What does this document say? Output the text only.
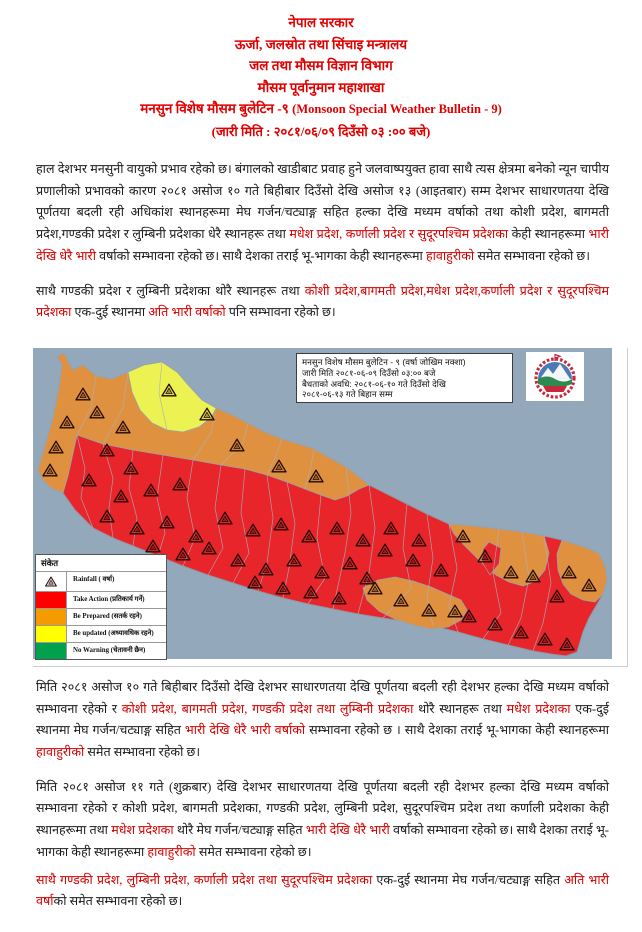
नेपाल सरकार
ऊर्जा, जलस्रोत तथा सिंचाइ मन्त्रालय
जल तथा मौसम विज्ञान विभाग
मौसम पूर्वानुमान महाशाखा
मनसुन विशेष मौसम बुलेटिन -९ (Monsoon Special Weather Bulletin - 9)
(जारी मिति : २०८१/०६/०९ दिउँसो ०३ :०० बजे)

हाल देशभर मनसुनी वायुको प्रभाव रहेको छ। बंगालको खाडीबाट प्रवाह हुने जलवाष्पयुक्त हावा साथै त्यस क्षेत्रमा बनेको न्यून चापीय प्रणालीको प्रभावको कारण २०८१ असोज १० गते बिहीबार दिउँसो देखि असोज १३ (आइतबार) सम्म देशभर साधारणतया देखि पूर्णतया बदली रही अधिकांश स्थानहरूमा मेघ गर्जन/चट्याङ्ग सहित हल्का देखि मध्यम वर्षाको तथा कोशी प्रदेश, बागमती प्रदेश,गण्डकी प्रदेश र लुम्बिनी प्रदेशका धेरै स्थानहरू तथा मधेश प्रदेश, कर्णाली प्रदेश र सुदूरपश्चिम प्रदेशका केही स्थानहरूमा भारी देखि धेरै भारी वर्षाको सम्भावना रहेको छ। साथै देशका तराई भू-भागका केही स्थानहरूमा हावाहुरीको समेत सम्भावना रहेको छ।

साथै गण्डकी प्रदेश र लुम्बिनी प्रदेशका थोरै स्थानहरू तथा कोशी प्रदेश,बागमती प्रदेश,मधेश प्रदेश,कर्णाली प्रदेश र सुदूरपश्चिम प्रदेशका एक-दुई स्थानमा अति भारी वर्षाको पनि सम्भावना रहेको छ।

मनसुन विशेष मौसम बुलेटिन - ९ (वर्षा जोखिम नक्शा)
जारी मिति २०८१-०६-०९ दिउँसो ०३:०० बजे
बैधताको अवधि: २०८१-०६-१० गते दिउँसो देखि
२०८१-०६-१३ गते बिहान सम्म
संकेत
Rainfall ( वर्षा)
Take Action (प्रतिकार्य गर्ने)
Be Prepared (सतर्क रहने)
Be updated (अध्यावधिक रहने)
No Warning (चेतावनी छैन)

मिति २०८१ असोज १० गते बिहीबार दिउँसो देखि देशभर साधारणतया देखि पूर्णतया बदली रही देशभर हल्का देखि मध्यम वर्षाको सम्भावना रहेको र कोशी प्रदेश, बागमती प्रदेश, गण्डकी प्रदेश तथा लुम्बिनी प्रदेशका थोरै स्थानहरू तथा मधेश प्रदेशका एक-दुई स्थानमा मेघ गर्जन/चट्याङ्ग सहित भारी देखि धेरै भारी वर्षाको सम्भावना रहेको छ । साथै देशका तराई भू-भागका केही स्थानहरूमा हावाहुरीको समेत सम्भावना रहेको छ।

मिति २०८१ असोज ११ गते (शुक्रबार) देखि देशभर साधारणतया देखि पूर्णतया बदली रही देशभर हल्का देखि मध्यम वर्षाको सम्भावना रहेको र कोशी प्रदेश, बागमती प्रदेशका, गण्डकी प्रदेश, लुम्बिनी प्रदेश, सुदूरपश्चिम प्रदेश तथा कर्णाली प्रदेशका केही स्थानहरूमा तथा मधेश प्रदेशका थोरै मेघ गर्जन/चट्याङ्ग सहित भारी देखि धेरै भारी वर्षाको सम्भावना रहेको छ। साथै देशका तराई भू-भागका केही स्थानहरूमा हावाहुरीको समेत सम्भावना रहेको छ।

साथै गण्डकी प्रदेश, लुम्बिनी प्रदेश, कर्णाली प्रदेश तथा सुदूरपश्चिम प्रदेशका एक-दुई स्थानमा मेघ गर्जन/चट्याङ्ग सहित अति भारी वर्षाको समेत सम्भावना रहेको छ।
